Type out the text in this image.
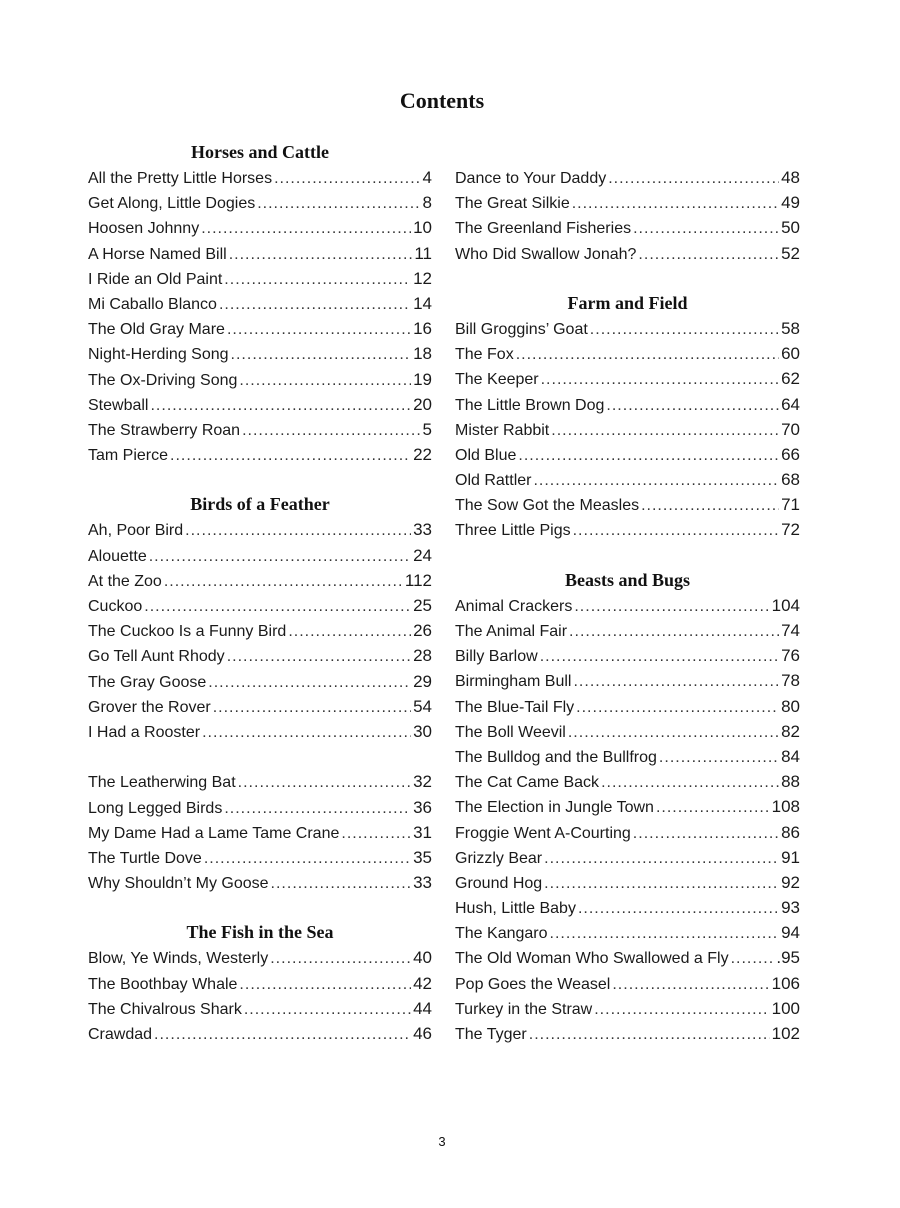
Contents
Horses and Cattle
All the Pretty Little Horses .....	4
Get Along, Little Dogies .....	8
Hoosen Johnny .....	10
A Horse Named Bill .....	11
I Ride an Old Paint .....	12
Mi Caballo Blanco .....	14
The Old Gray Mare .....	16
Night-Herding Song .....	18
The Ox-Driving Song .....	19
Stewball .....	20
The Strawberry Roan .....	5
Tam Pierce .....	22
Birds of a Feather
Ah, Poor Bird .....	33
Alouette .....	24
At the Zoo .....	112
Cuckoo .....	25
The Cuckoo Is a Funny Bird .....	26
Go Tell Aunt Rhody .....	28
The Gray Goose .....	29
Grover the Rover .....	54
I Had a Rooster .....	30
The Leatherwing Bat .....	32
Long Legged Birds .....	36
My Dame Had a Lame Tame Crane .....	31
The Turtle Dove .....	35
Why Shouldn’t My Goose .....	33
The Fish in the Sea
Blow, Ye Winds, Westerly .....	40
The Boothbay Whale .....	42
The Chivalrous Shark .....	44
Crawdad .....	46
Dance to Your Daddy .....	48
The Great Silkie .....	49
The Greenland Fisheries .....	50
Who Did Swallow Jonah? .....	52
Farm and Field
Bill Groggins’ Goat .....	58
The Fox .....	60
The Keeper .....	62
The Little Brown Dog .....	64
Mister Rabbit .....	70
Old Blue .....	66
Old Rattler .....	68
The Sow Got the Measles .....	71
Three Little Pigs .....	72
Beasts and Bugs
Animal Crackers .....	104
The Animal Fair .....	74
Billy Barlow .....	76
Birmingham Bull .....	78
The Blue-Tail Fly .....	80
The Boll Weevil .....	82
The Bulldog and the Bullfrog .....	84
The Cat Came Back .....	88
The Election in Jungle Town .....	108
Froggie Went A-Courting .....	86
Grizzly Bear .....	91
Ground Hog .....	92
Hush, Little Baby .....	93
The Kangaro .....	94
The Old Woman Who Swallowed a Fly .....	.95
Pop Goes the Weasel .....	106
Turkey in the Straw .....	100
The Tyger .....	102
3
